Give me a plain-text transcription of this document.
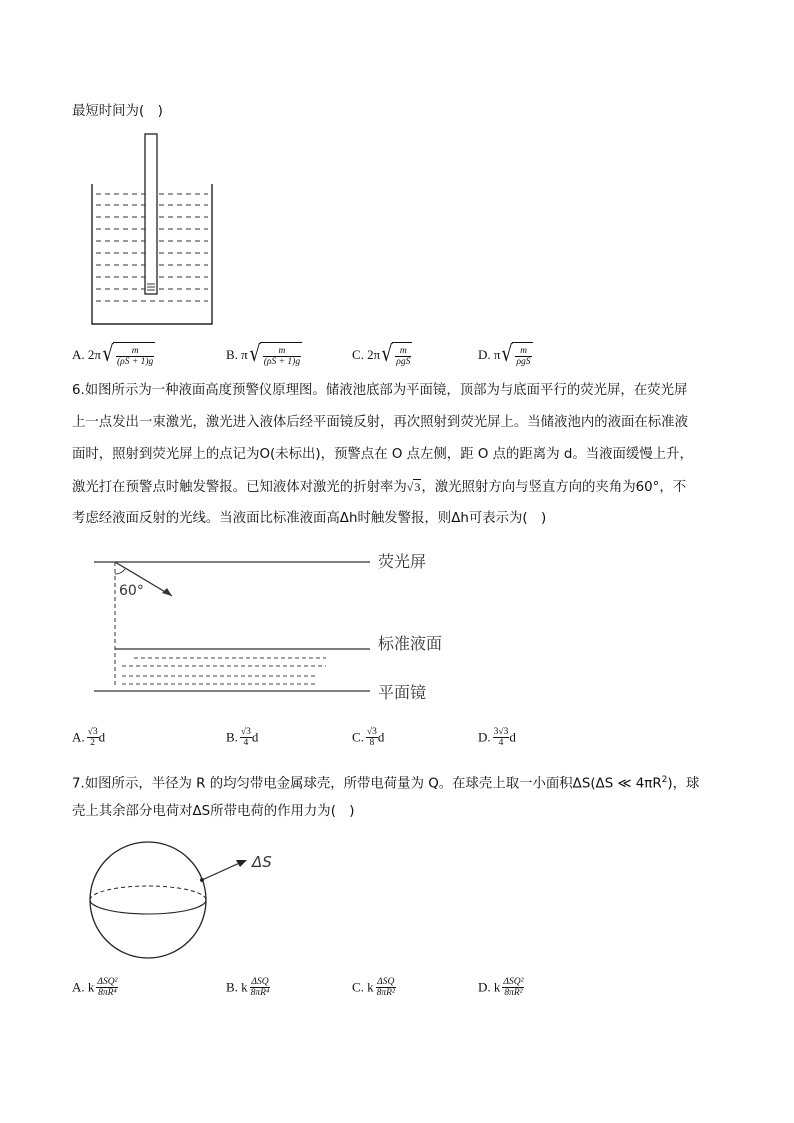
最短时间为(　)
A. 2π √ $\frac{m}{(\rho S + 1)g}$	B. π √ $\frac{m}{(\rho S + 1)g}$	C. 2π √ $\frac{m}{\text{ρgS}}$	D. π √ $\frac{m}{\text{ρgS}}$
6.如图所示为一种液面高度预警仪原理图。储液池底部为平面镜，顶部为与底面平行的荧光屏，在荧光屏
上一点发出一束激光，激光进入液体后经平面镜反射，再次照射到荧光屏上。当储液池内的液面在标准液
面时，照射到荧光屏上的点记为O(未标出)，预警点在 O 点左侧，距 O 点的距离为 d。当液面缓慢上升，
激光打在预警点时触发警报。已知液体对激光的折射率为√3，激光照射方向与竖直方向的夹角为60°，不
考虑经液面反射的光线。当液面比标准液面高Δh时触发警报，则Δh可表示为(　)
荧光屏
60°
标准液面
平面镜
A. $\frac{√3}{2}$ d	B. $\frac{√3}{4}$ d	C. $\frac{√3}{8}$ d	D. $\frac{3√3}{4}$ d
7.如图所示，半径为 R 的均匀带电金属球壳，所带电荷量为 Q。在球壳上取一小面积ΔS(ΔS ≪ $4\pi R^2$)，球
壳上其余部分电荷对ΔS所带电荷的作用力为(　)
ΔS
A. k $\frac{\text{ΔSQ²}}{\text{8πR⁴}}$	B. k $\frac{\text{ΔSQ}}{\text{8πR⁴}}$	C. k $\frac{\text{ΔSQ}}{\text{8πR²}}$	D. k $\frac{\text{ΔSQ²}}{\text{8πR²}}$
